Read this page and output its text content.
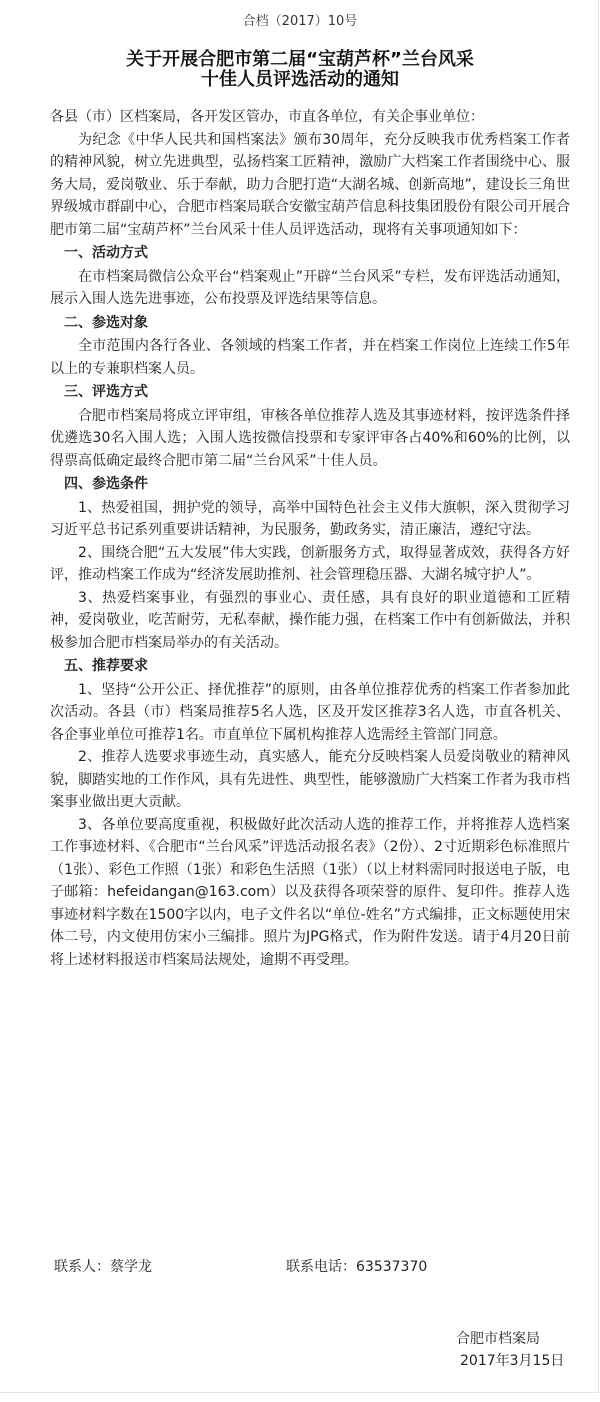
合档（2017）10号
关于开展合肥市第二届“宝葫芦杯”兰台风采
十佳人员评选活动的通知

各县（市）区档案局，各开发区管办，市直各单位，有关企事业单位：

为纪念《中华人民共和国档案法》颁布30周年，充分反映我市优秀档案工作者的精神风貌，树立先进典型，弘扬档案工匠精神，激励广大档案工作者围绕中心、服务大局，爱岗敬业、乐于奉献，助力合肥打造“大湖名城、创新高地”，建设长三角世界级城市群副中心，合肥市档案局联合安徽宝葫芦信息科技集团股份有限公司开展合肥市第二届“宝葫芦杯”兰台风采十佳人员评选活动，现将有关事项通知如下：

一、活动方式

在市档案局微信公众平台“档案观止”开辟“兰台风采”专栏，发布评选活动通知，展示入围人选先进事迹，公布投票及评选结果等信息。

二、参选对象

全市范围内各行各业、各领域的档案工作者，并在档案工作岗位上连续工作5年以上的专兼职档案人员。

三、评选方式

合肥市档案局将成立评审组，审核各单位推荐人选及其事迹材料，按评选条件择优遴选30名入围人选；入围人选按微信投票和专家评审各占40%和60%的比例，以得票高低确定最终合肥市第二届“兰台风采”十佳人员。

四、参选条件

1、热爱祖国，拥护党的领导，高举中国特色社会主义伟大旗帜，深入贯彻学习习近平总书记系列重要讲话精神，为民服务，勤政务实，清正廉洁，遵纪守法。

2、围绕合肥“五大发展”伟大实践，创新服务方式，取得显著成效，获得各方好评，推动档案工作成为“经济发展助推剂、社会管理稳压器、大湖名城守护人”。

3、热爱档案事业，有强烈的事业心、责任感，具有良好的职业道德和工匠精神，爱岗敬业，吃苦耐劳，无私奉献，操作能力强，在档案工作中有创新做法，并积极参加合肥市档案局举办的有关活动。

五、推荐要求

1、坚持“公开公正、择优推荐”的原则，由各单位推荐优秀的档案工作者参加此次活动。各县（市）档案局推荐5名人选，区及开发区推荐3名人选，市直各机关、各企事业单位可推荐1名。市直单位下属机构推荐人选需经主管部门同意。

2、推荐人选要求事迹生动，真实感人，能充分反映档案人员爱岗敬业的精神风貌，脚踏实地的工作作风，具有先进性、典型性，能够激励广大档案工作者为我市档案事业做出更大贡献。

3、各单位要高度重视，积极做好此次活动人选的推荐工作，并将推荐人选档案工作事迹材料、《合肥市“兰台风采”评选活动报名表》（2份）、2寸近期彩色标准照片（1张）、彩色工作照（1张）和彩色生活照（1张）（以上材料需同时报送电子版，电子邮箱：hefeidangan@163.com）以及获得各项荣誉的原件、复印件。推荐人选事迹材料字数在1500字以内，电子文件名以“单位-姓名”方式编排，正文标题使用宋体二号，内文使用仿宋小三编排。照片为JPG格式，作为附件发送。请于4月20日前将上述材料报送市档案局法规处，逾期不再受理。

联系人：蔡学龙	联系电话：63537370
合肥市档案局
2017年3月15日
